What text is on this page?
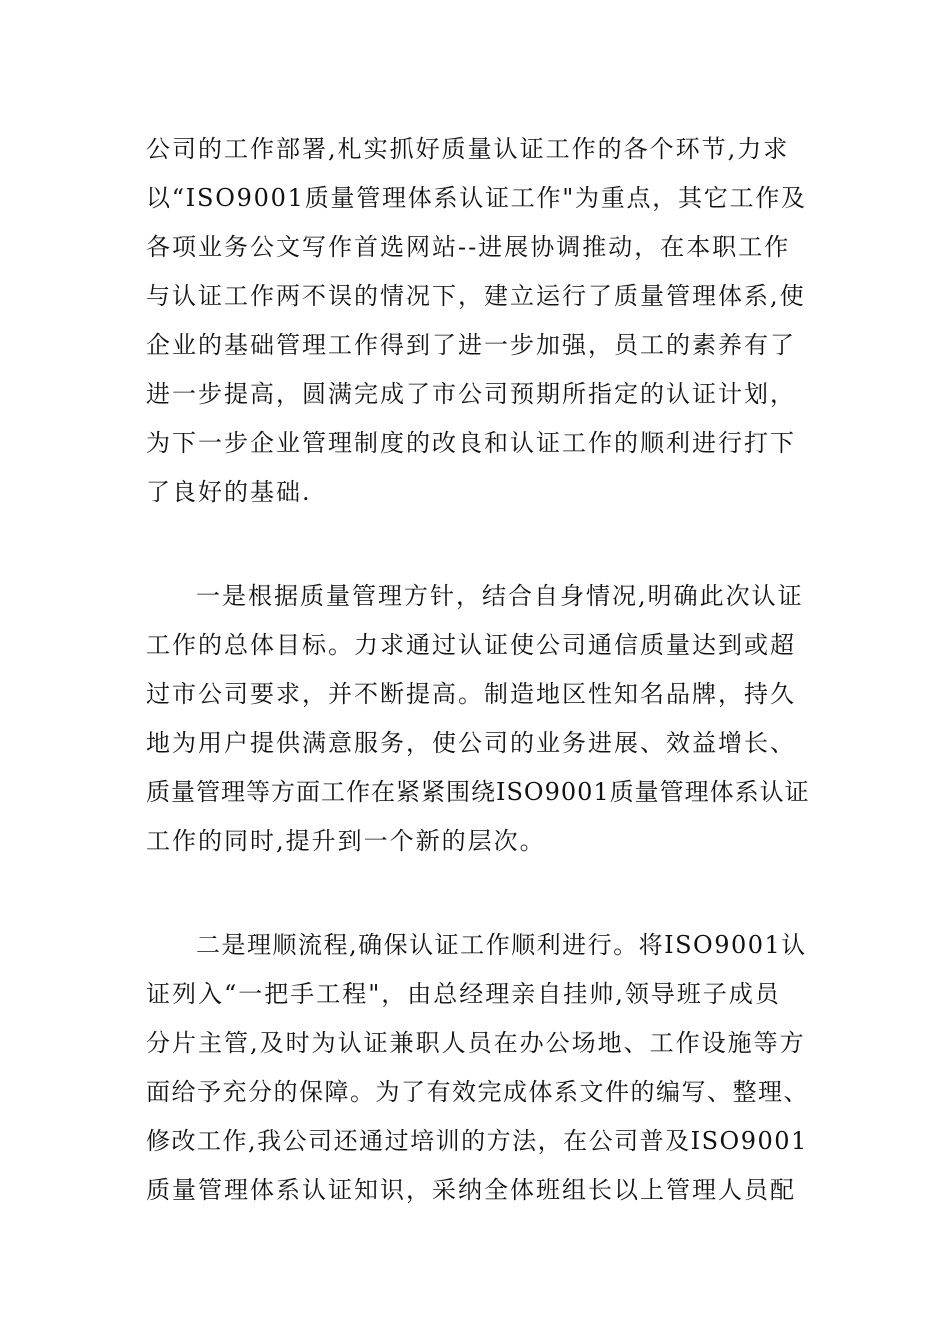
公司的工作部署,札实抓好质量认证工作的各个环节,力求
以“ISO9001质量管理体系认证工作"为重点，其它工作及
各项业务公文写作首选网站--进展协调推动，在本职工作
与认证工作两不误的情况下，建立运行了质量管理体系,使
企业的基础管理工作得到了进一步加强，员工的素养有了
进一步提高，圆满完成了市公司预期所指定的认证计划，
为下一步企业管理制度的改良和认证工作的顺利进行打下
了良好的基础.
一是根据质量管理方针，结合自身情况,明确此次认证
工作的总体目标。力求通过认证使公司通信质量达到或超
过市公司要求，并不断提高。制造地区性知名品牌，持久
地为用户提供满意服务，使公司的业务进展、效益增长、
质量管理等方面工作在紧紧围绕ISO9001质量管理体系认证
工作的同时,提升到一个新的层次。
二是理顺流程,确保认证工作顺利进行。将ISO9001认
证列入“一把手工程"，由总经理亲自挂帅,领导班子成员
分片主管,及时为认证兼职人员在办公场地、工作设施等方
面给予充分的保障。为了有效完成体系文件的编写、整理、
修改工作,我公司还通过培训的方法，在公司普及ISO9001
质量管理体系认证知识，采纳全体班组长以上管理人员配
